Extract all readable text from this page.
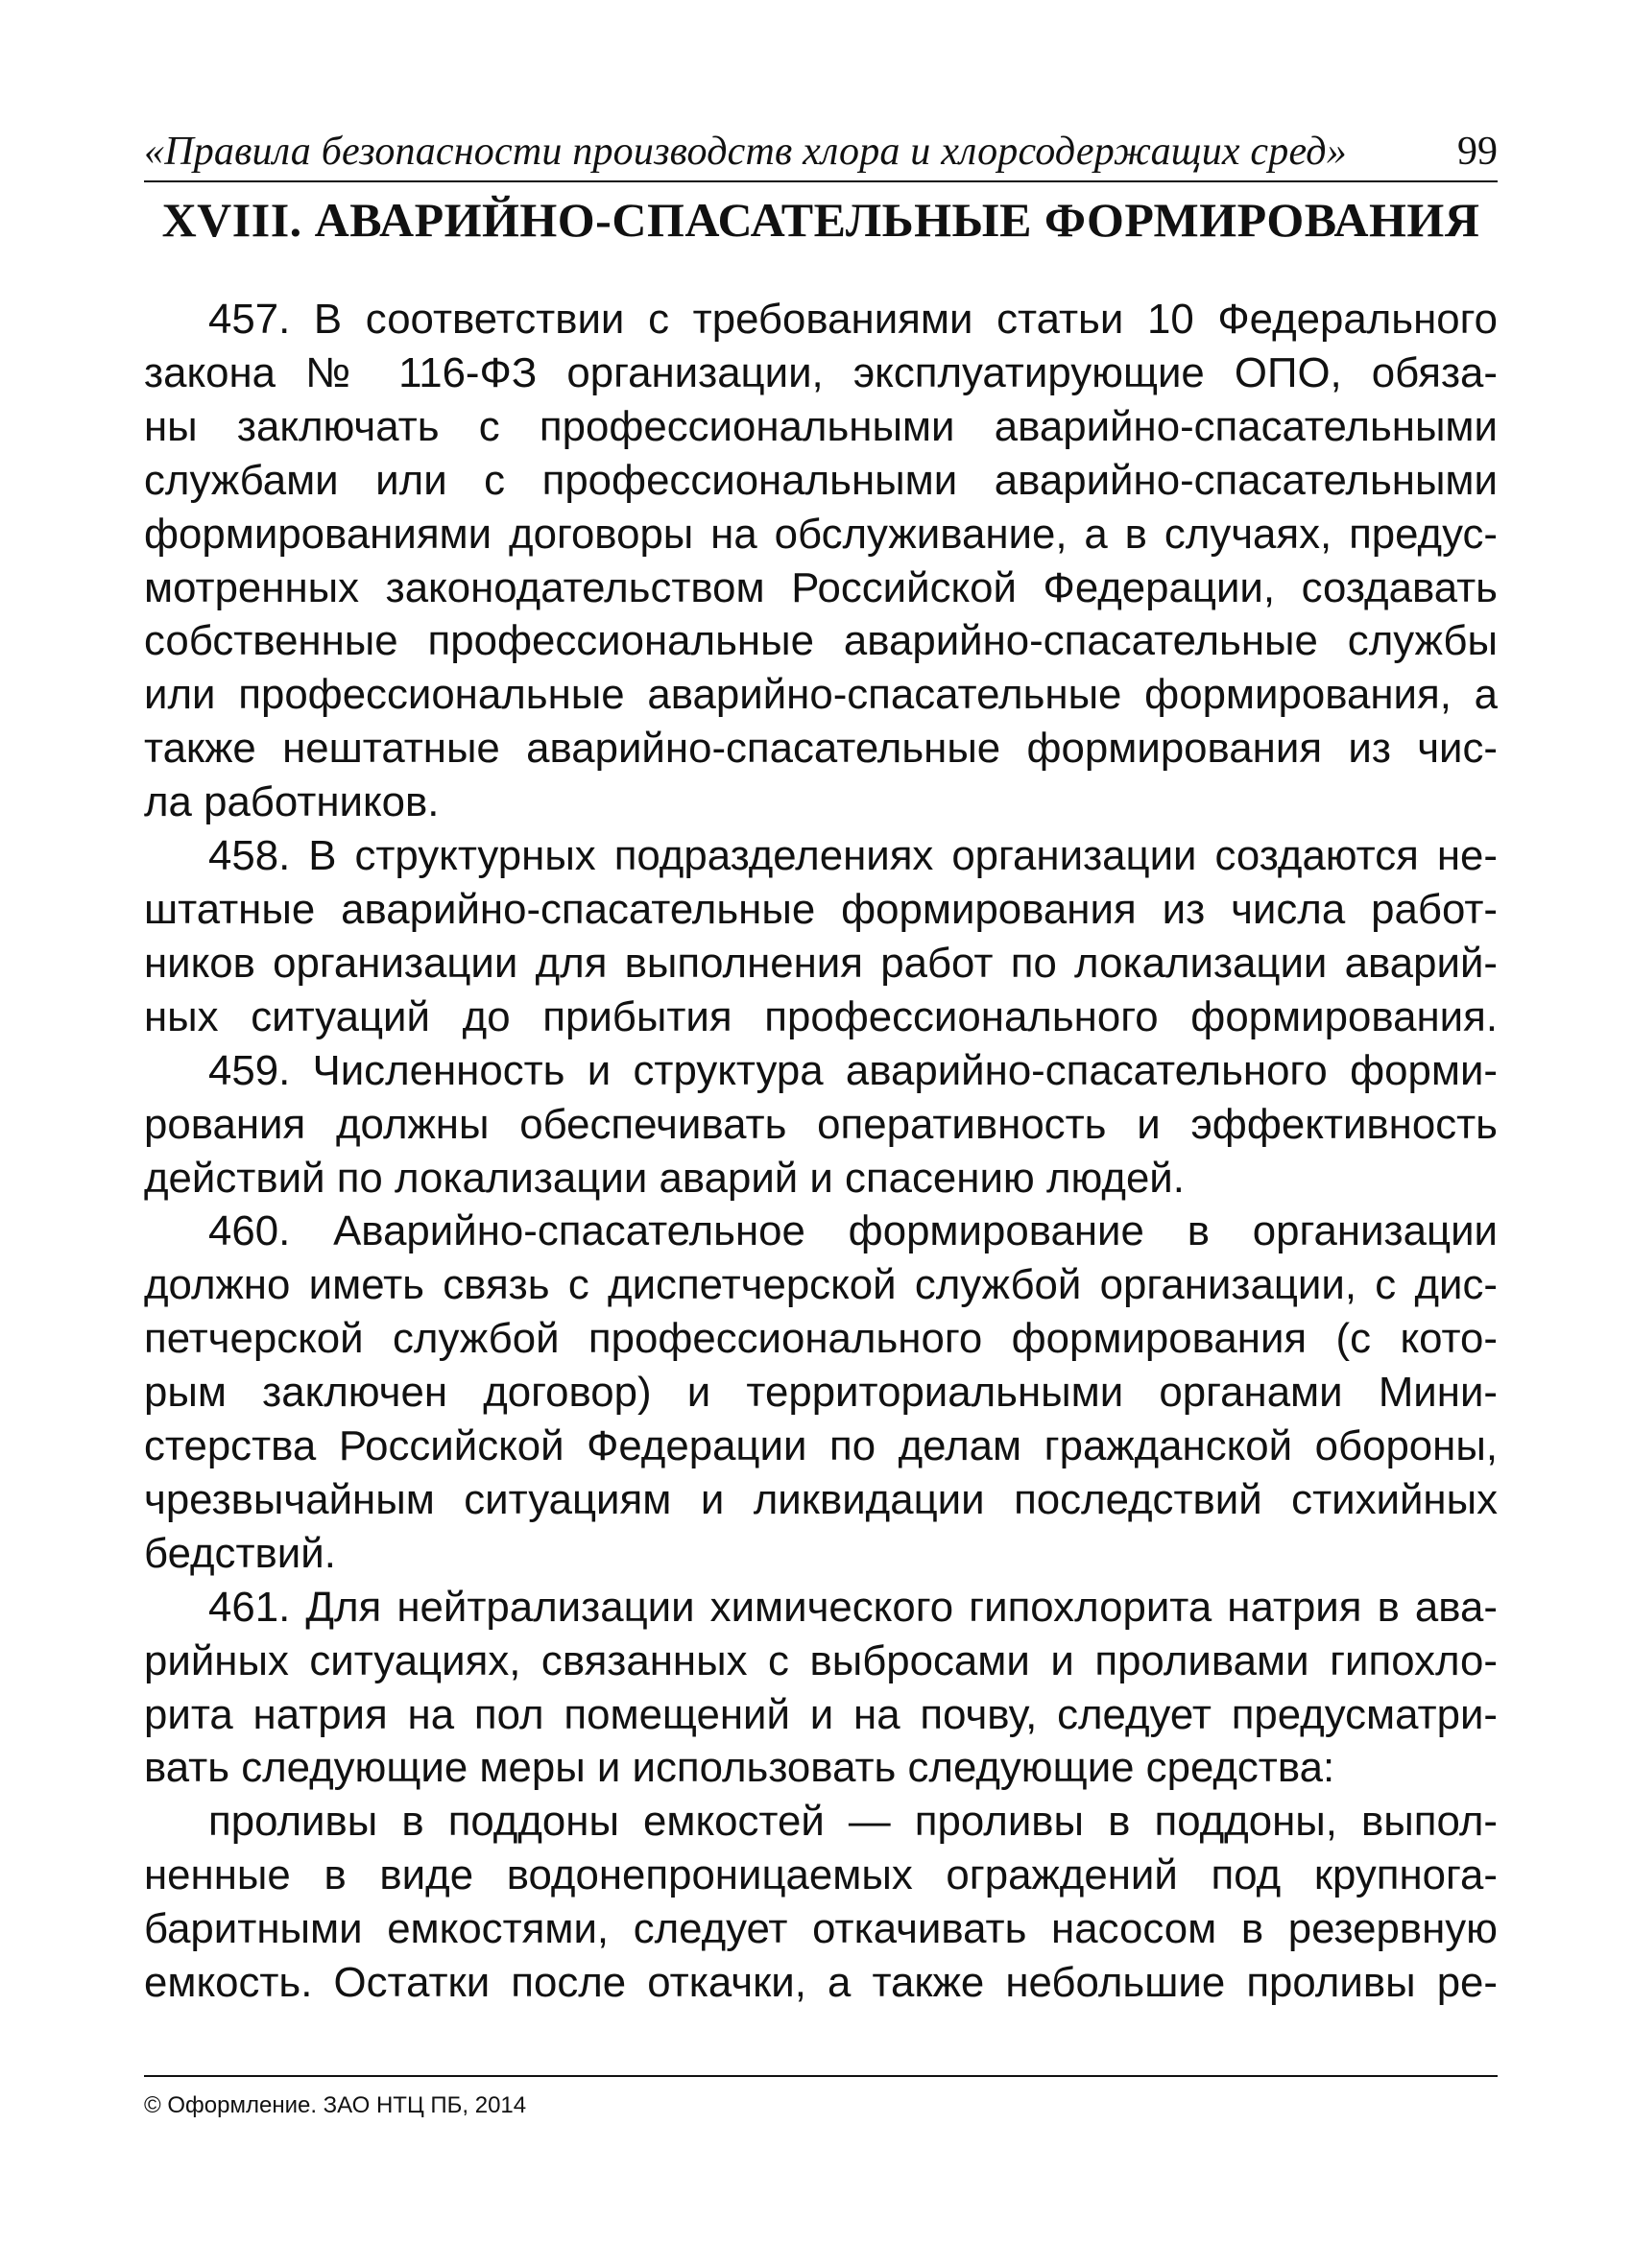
«Правила безопасности производств хлора и хлорсодержащих сред»	99
XVIII. АВАРИЙНО-СПАСАТЕЛЬНЫЕ ФОРМИРОВАНИЯ
457. В соответствии с требованиями статьи 10 Федерального
закона № 116-ФЗ организации, эксплуатирующие ОПО, обяза-
ны заключать с профессиональными аварийно-спасательными
службами или с профессиональными аварийно-спасательными
формированиями договоры на обслуживание, а в случаях, предус-
мотренных законодательством Российской Федерации, создавать
собственные профессиональные аварийно-спасательные службы
или профессиональные аварийно-спасательные формирования, а
также нештатные аварийно-спасательные формирования из чис-
ла работников.
458. В структурных подразделениях организации создаются не-
штатные аварийно-спасательные формирования из числа работ-
ников организации для выполнения работ по локализации аварий-
ных ситуаций до прибытия профессионального формирования.
459. Численность и структура аварийно-спасательного форми-
рования должны обеспечивать оперативность и эффективность
действий по локализации аварий и спасению людей.
460. Аварийно-спасательное формирование в организации
должно иметь связь с диспетчерской службой организации, с дис-
петчерской службой профессионального формирования (с кото-
рым заключен договор) и территориальными органами Мини-
стерства Российской Федерации по делам гражданской обороны,
чрезвычайным ситуациям и ликвидации последствий стихийных
бедствий.
461. Для нейтрализации химического гипохлорита натрия в ава-
рийных ситуациях, связанных с выбросами и проливами гипохло-
рита натрия на пол помещений и на почву, следует предусматри-
вать следующие меры и использовать следующие средства:
проливы в поддоны емкостей — проливы в поддоны, выпол-
ненные в виде водонепроницаемых ограждений под крупнога-
баритными емкостями, следует откачивать насосом в резервную
емкость. Остатки после откачки, а также небольшие проливы ре-
© Оформление. ЗАО НТЦ ПБ, 2014
